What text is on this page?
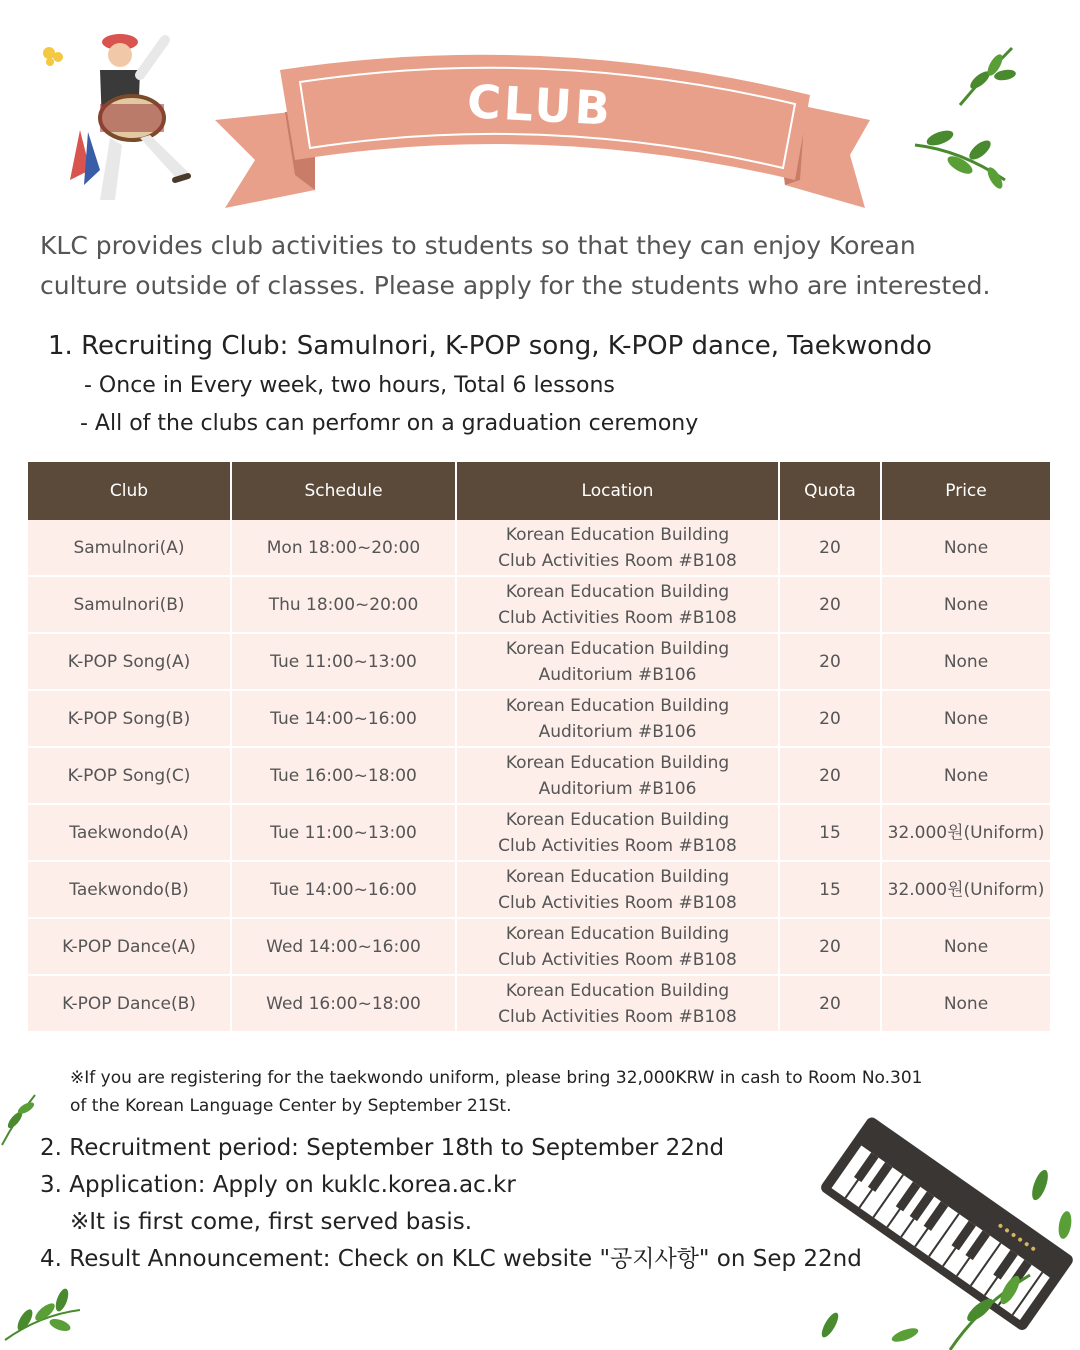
CLUB ACTIVITIES
KLC provides club activities to students so that they can enjoy Korean
culture outside of classes. Please apply for the students who are interested.
1. Recruiting Club: Samulnori, K-POP song, K-POP dance, Taekwondo
- Once in Every week, two hours, Total 6 lessons
- All of the clubs can perfomr on a graduation ceremony
Club	Schedule	Location	Quota	Price
Samulnori(A)	Mon 18:00~20:00	Korean Education Building
Club Activities Room #B108	20	None
Samulnori(B)	Thu 18:00~20:00	Korean Education Building
Club Activities Room #B108	20	None
K-POP Song(A)	Tue 11:00~13:00	Korean Education Building
Auditorium #B106	20	None
K-POP Song(B)	Tue 14:00~16:00	Korean Education Building
Auditorium #B106	20	None
K-POP Song(C)	Tue 16:00~18:00	Korean Education Building
Auditorium #B106	20	None
Taekwondo(A)	Tue 11:00~13:00	Korean Education Building
Club Activities Room #B108	15	32.000원(Uniform)
Taekwondo(B)	Tue 14:00~16:00	Korean Education Building
Club Activities Room #B108	15	32.000원(Uniform)
K-POP Dance(A)	Wed 14:00~16:00	Korean Education Building
Club Activities Room #B108	20	None
K-POP Dance(B)	Wed 16:00~18:00	Korean Education Building
Club Activities Room #B108	20	None
※If you are registering for the taekwondo uniform, please bring 32,000KRW in cash to Room No.301
of the Korean Language Center by September 21St.
2. Recruitment period: September 18th to September 22nd
3. Application: Apply on kuklc.korea.ac.kr
※It is first come, first served basis.
4. Result Announcement: Check on KLC website "공지사항" on Sep 22nd
